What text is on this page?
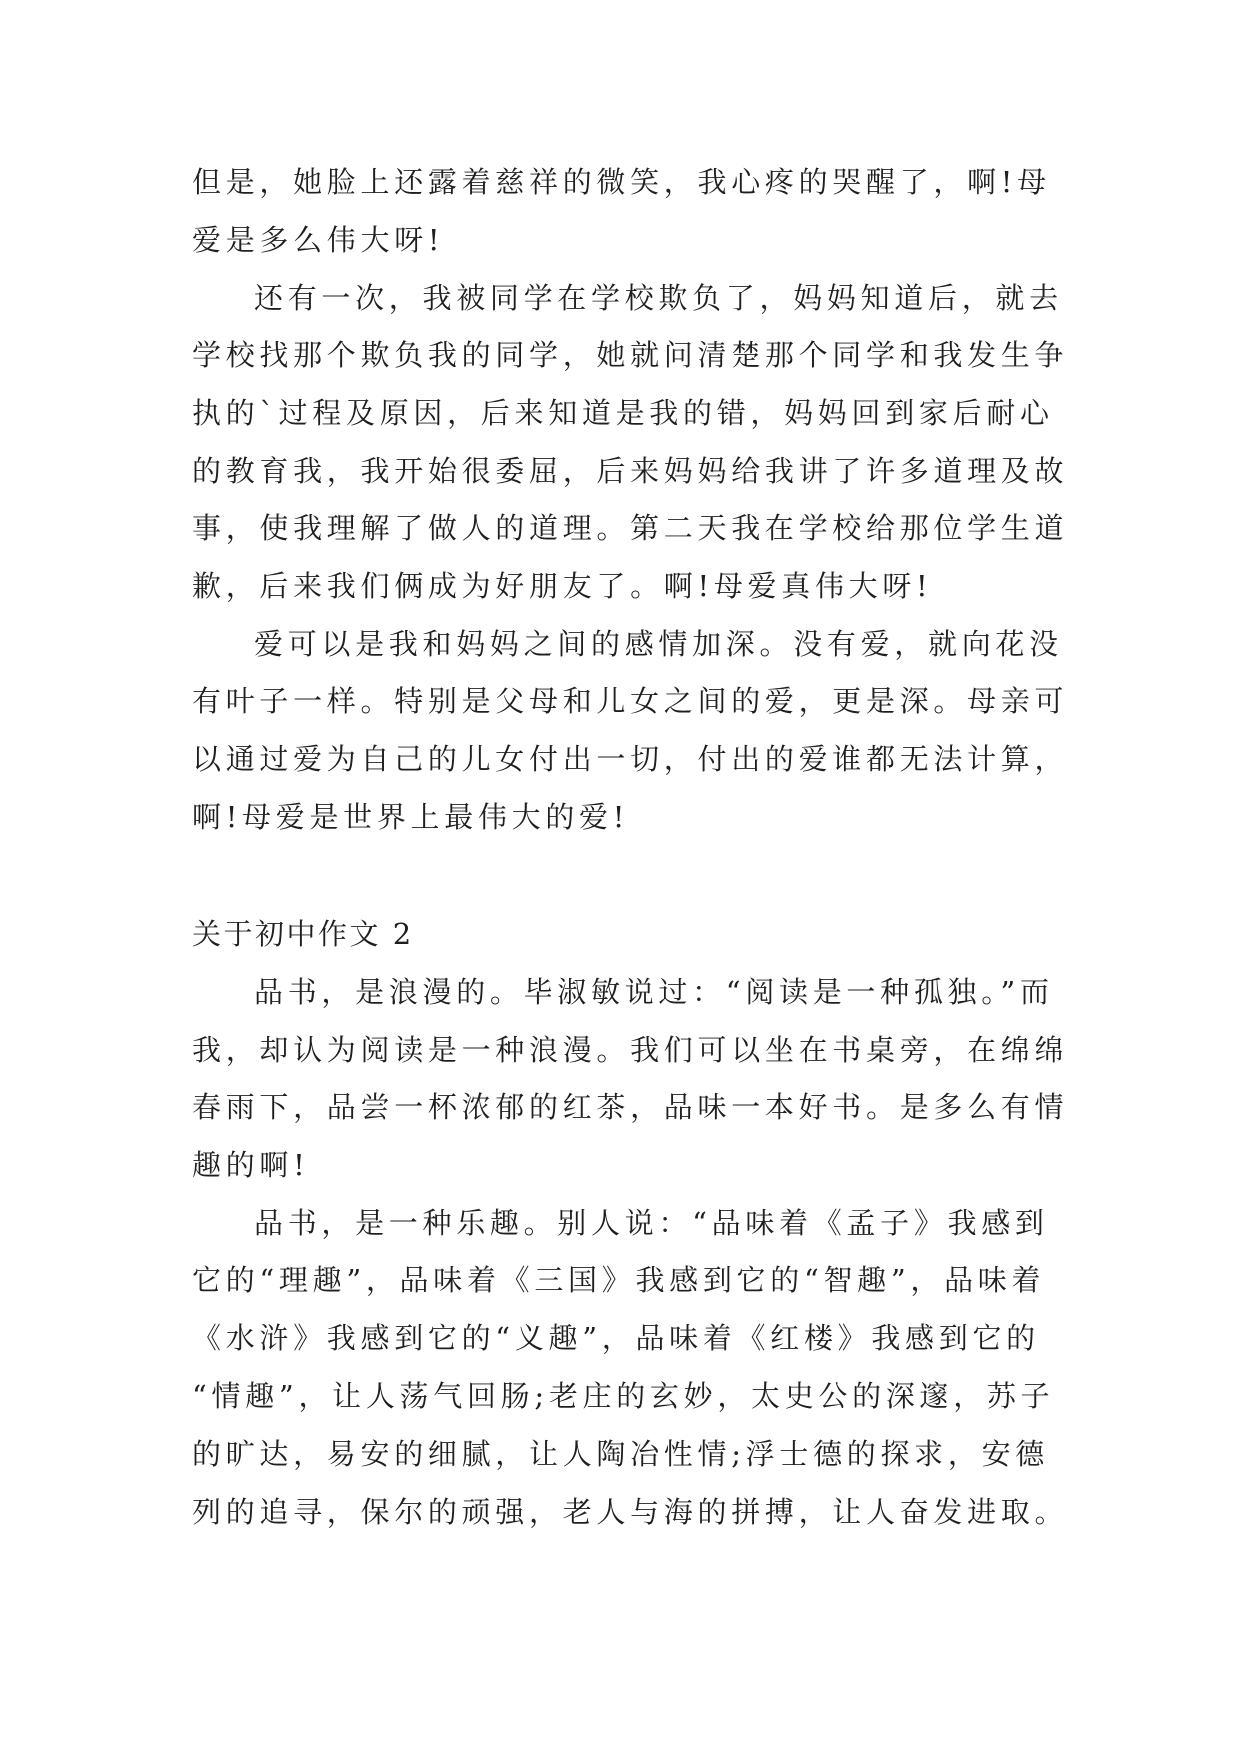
但是，她脸上还露着慈祥的微笑，我心疼的哭醒了，啊!母

爱是多么伟大呀!

还有一次，我被同学在学校欺负了，妈妈知道后，就去

学校找那个欺负我的同学，她就问清楚那个同学和我发生争

执的`过程及原因，后来知道是我的错，妈妈回到家后耐心

的教育我，我开始很委屈，后来妈妈给我讲了许多道理及故

事，使我理解了做人的道理。第二天我在学校给那位学生道

歉，后来我们俩成为好朋友了。啊!母爱真伟大呀!

爱可以是我和妈妈之间的感情加深。没有爱，就向花没

有叶子一样。特别是父母和儿女之间的爱，更是深。母亲可

以通过爱为自己的儿女付出一切，付出的爱谁都无法计算，

啊!母爱是世界上最伟大的爱!

关于初中作文 2

品书，是浪漫的。毕淑敏说过：“阅读是一种孤独。”而

我，却认为阅读是一种浪漫。我们可以坐在书桌旁，在绵绵

春雨下，品尝一杯浓郁的红茶，品味一本好书。是多么有情

趣的啊!

品书，是一种乐趣。别人说：“品味着《孟子》我感到

它的“理趣”，品味着《三国》我感到它的“智趣”，品味着

《水浒》我感到它的“义趣”，品味着《红楼》我感到它的

“情趣”，让人荡气回肠;老庄的玄妙，太史公的深邃，苏子

的旷达，易安的细腻，让人陶冶性情;浮士德的探求，安德

列的追寻，保尔的顽强，老人与海的拼搏，让人奋发进取。
